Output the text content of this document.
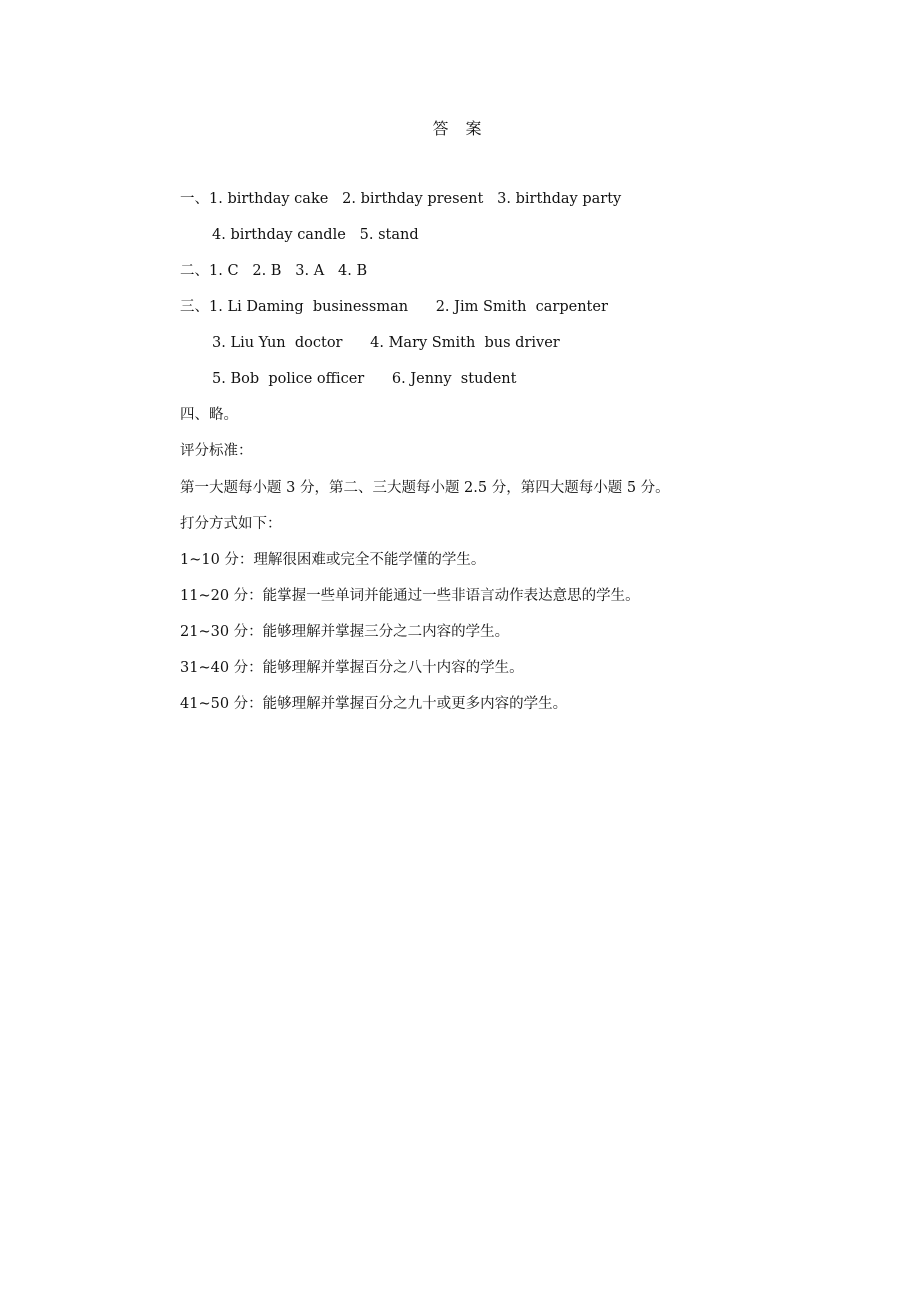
答 案
一、1. birthday cake   2. birthday present   3. birthday party
4. birthday candle   5. stand
二、1. C   2. B   3. A   4. B
三、1. Li Daming  businessman      2. Jim Smith  carpenter
3. Liu Yun  doctor      4. Mary Smith  bus driver
5. Bob  police officer      6. Jenny  student
四、略。
评分标准：
第一大题每小题 3 分，第二、三大题每小题 2.5 分，第四大题每小题 5 分。
打分方式如下：
1~10 分：理解很困难或完全不能学懂的学生。
11~20 分：能掌握一些单词并能通过一些非语言动作表达意思的学生。
21~30 分：能够理解并掌握三分之二内容的学生。
31~40 分：能够理解并掌握百分之八十内容的学生。
41~50 分：能够理解并掌握百分之九十或更多内容的学生。
